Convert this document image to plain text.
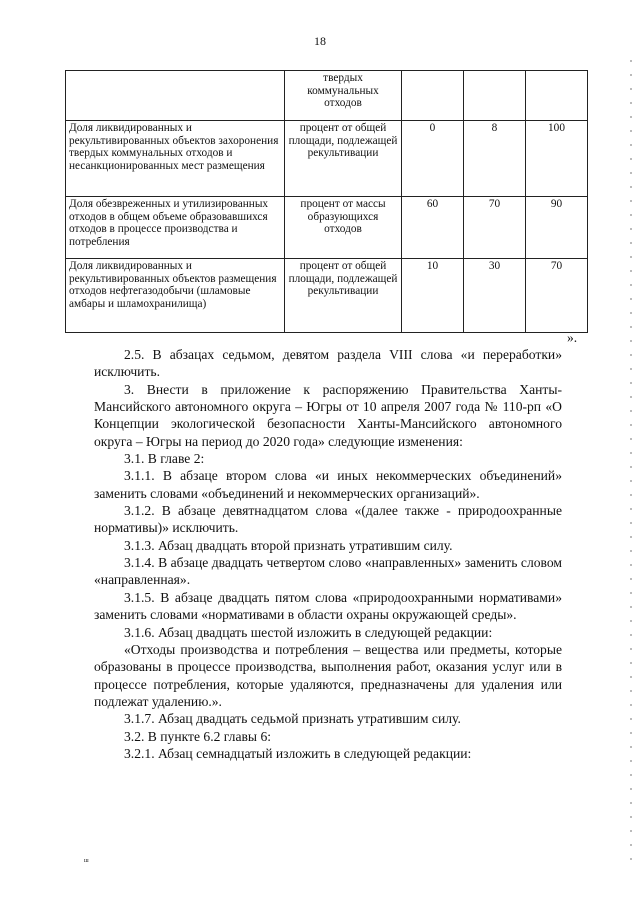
18
	твердых коммунальных отходов			
Доля ликвидированных и рекультивированных объектов захоронения твердых коммунальных отходов и несанкционированных мест размещения	процент от общей площади, подлежащей рекультивации	0	8	100
Доля обезвреженных и утилизированных отходов в общем объеме образовавшихся отходов в процессе производства и потребления	процент от массы образующихся отходов	60	70	90
Доля ликвидированных и рекультивированных объектов размещения отходов нефтегазодобычи (шламовые амбары и шламохранилища)	процент от общей площади, подлежащей рекультивации	10	30	70
».

2.5. В абзацах седьмом, девятом раздела VIII слова «и переработки» исключить.

3. Внести в приложение к распоряжению Правительства Ханты-Мансийского автономного округа – Югры от 10 апреля 2007 года № 110-рп «О Концепции экологической безопасности Ханты-Мансийского автономного округа – Югры на период до 2020 года» следующие изменения:

3.1. В главе 2:

3.1.1. В абзаце втором слова «и иных некоммерческих объединений» заменить словами «объединений и некоммерческих организаций».

3.1.2. В абзаце девятнадцатом слова «(далее также - природоохранные нормативы)» исключить.

3.1.3. Абзац двадцать второй признать утратившим силу.

3.1.4. В абзаце двадцать четвертом слово «направленных» заменить словом «направленная».

3.1.5. В абзаце двадцать пятом слова «природоохранными нормативами» заменить словами «нормативами в области охраны окружающей среды».

3.1.6. Абзац двадцать шестой изложить в следующей редакции:

«Отходы производства и потребления – вещества или предметы, которые образованы в процессе производства, выполнения работ, оказания услуг или в процессе потребления, которые удаляются, предназначены для удаления или подлежат удалению.».

3.1.7. Абзац двадцать седьмой признать утратившим силу.

3.2. В пункте 6.2 главы 6:

3.2.1. Абзац семнадцатый изложить в следующей редакции:

ш
